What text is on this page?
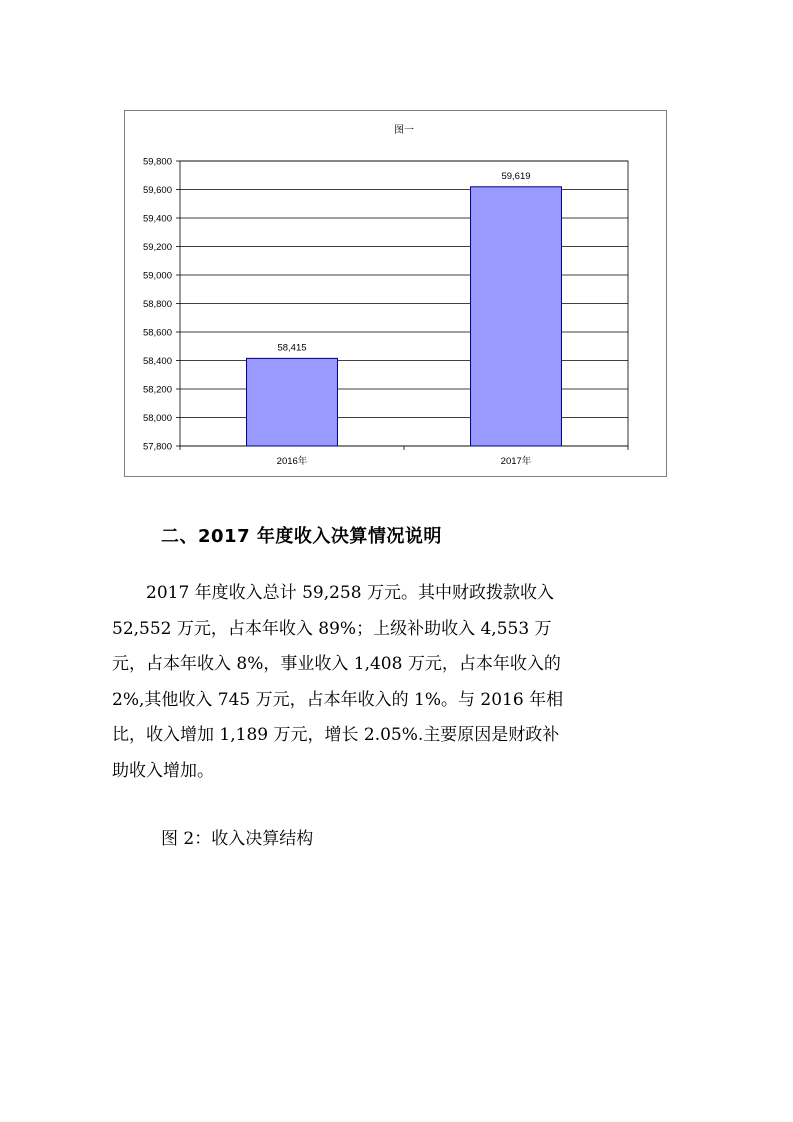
图一
57,800
58,000
58,200
58,400
58,600
58,800
59,000
59,200
59,400
59,600
59,800
58,415
2016年
59,619
2017年
二、2017 年度收入决算情况说明
　　2017 年度收入总计 59,258 万元。其中财政拨款收入
52,552 万元，占本年收入 89%；上级补助收入 4,553 万
元，占本年收入 8%，事业收入 1,408 万元，占本年收入的
2%,其他收入 745 万元，占本年收入的 1%。与 2016 年相
比，收入增加 1,189 万元，增长 2.05%.主要原因是财政补
助收入增加。
图 2：收入决算结构
